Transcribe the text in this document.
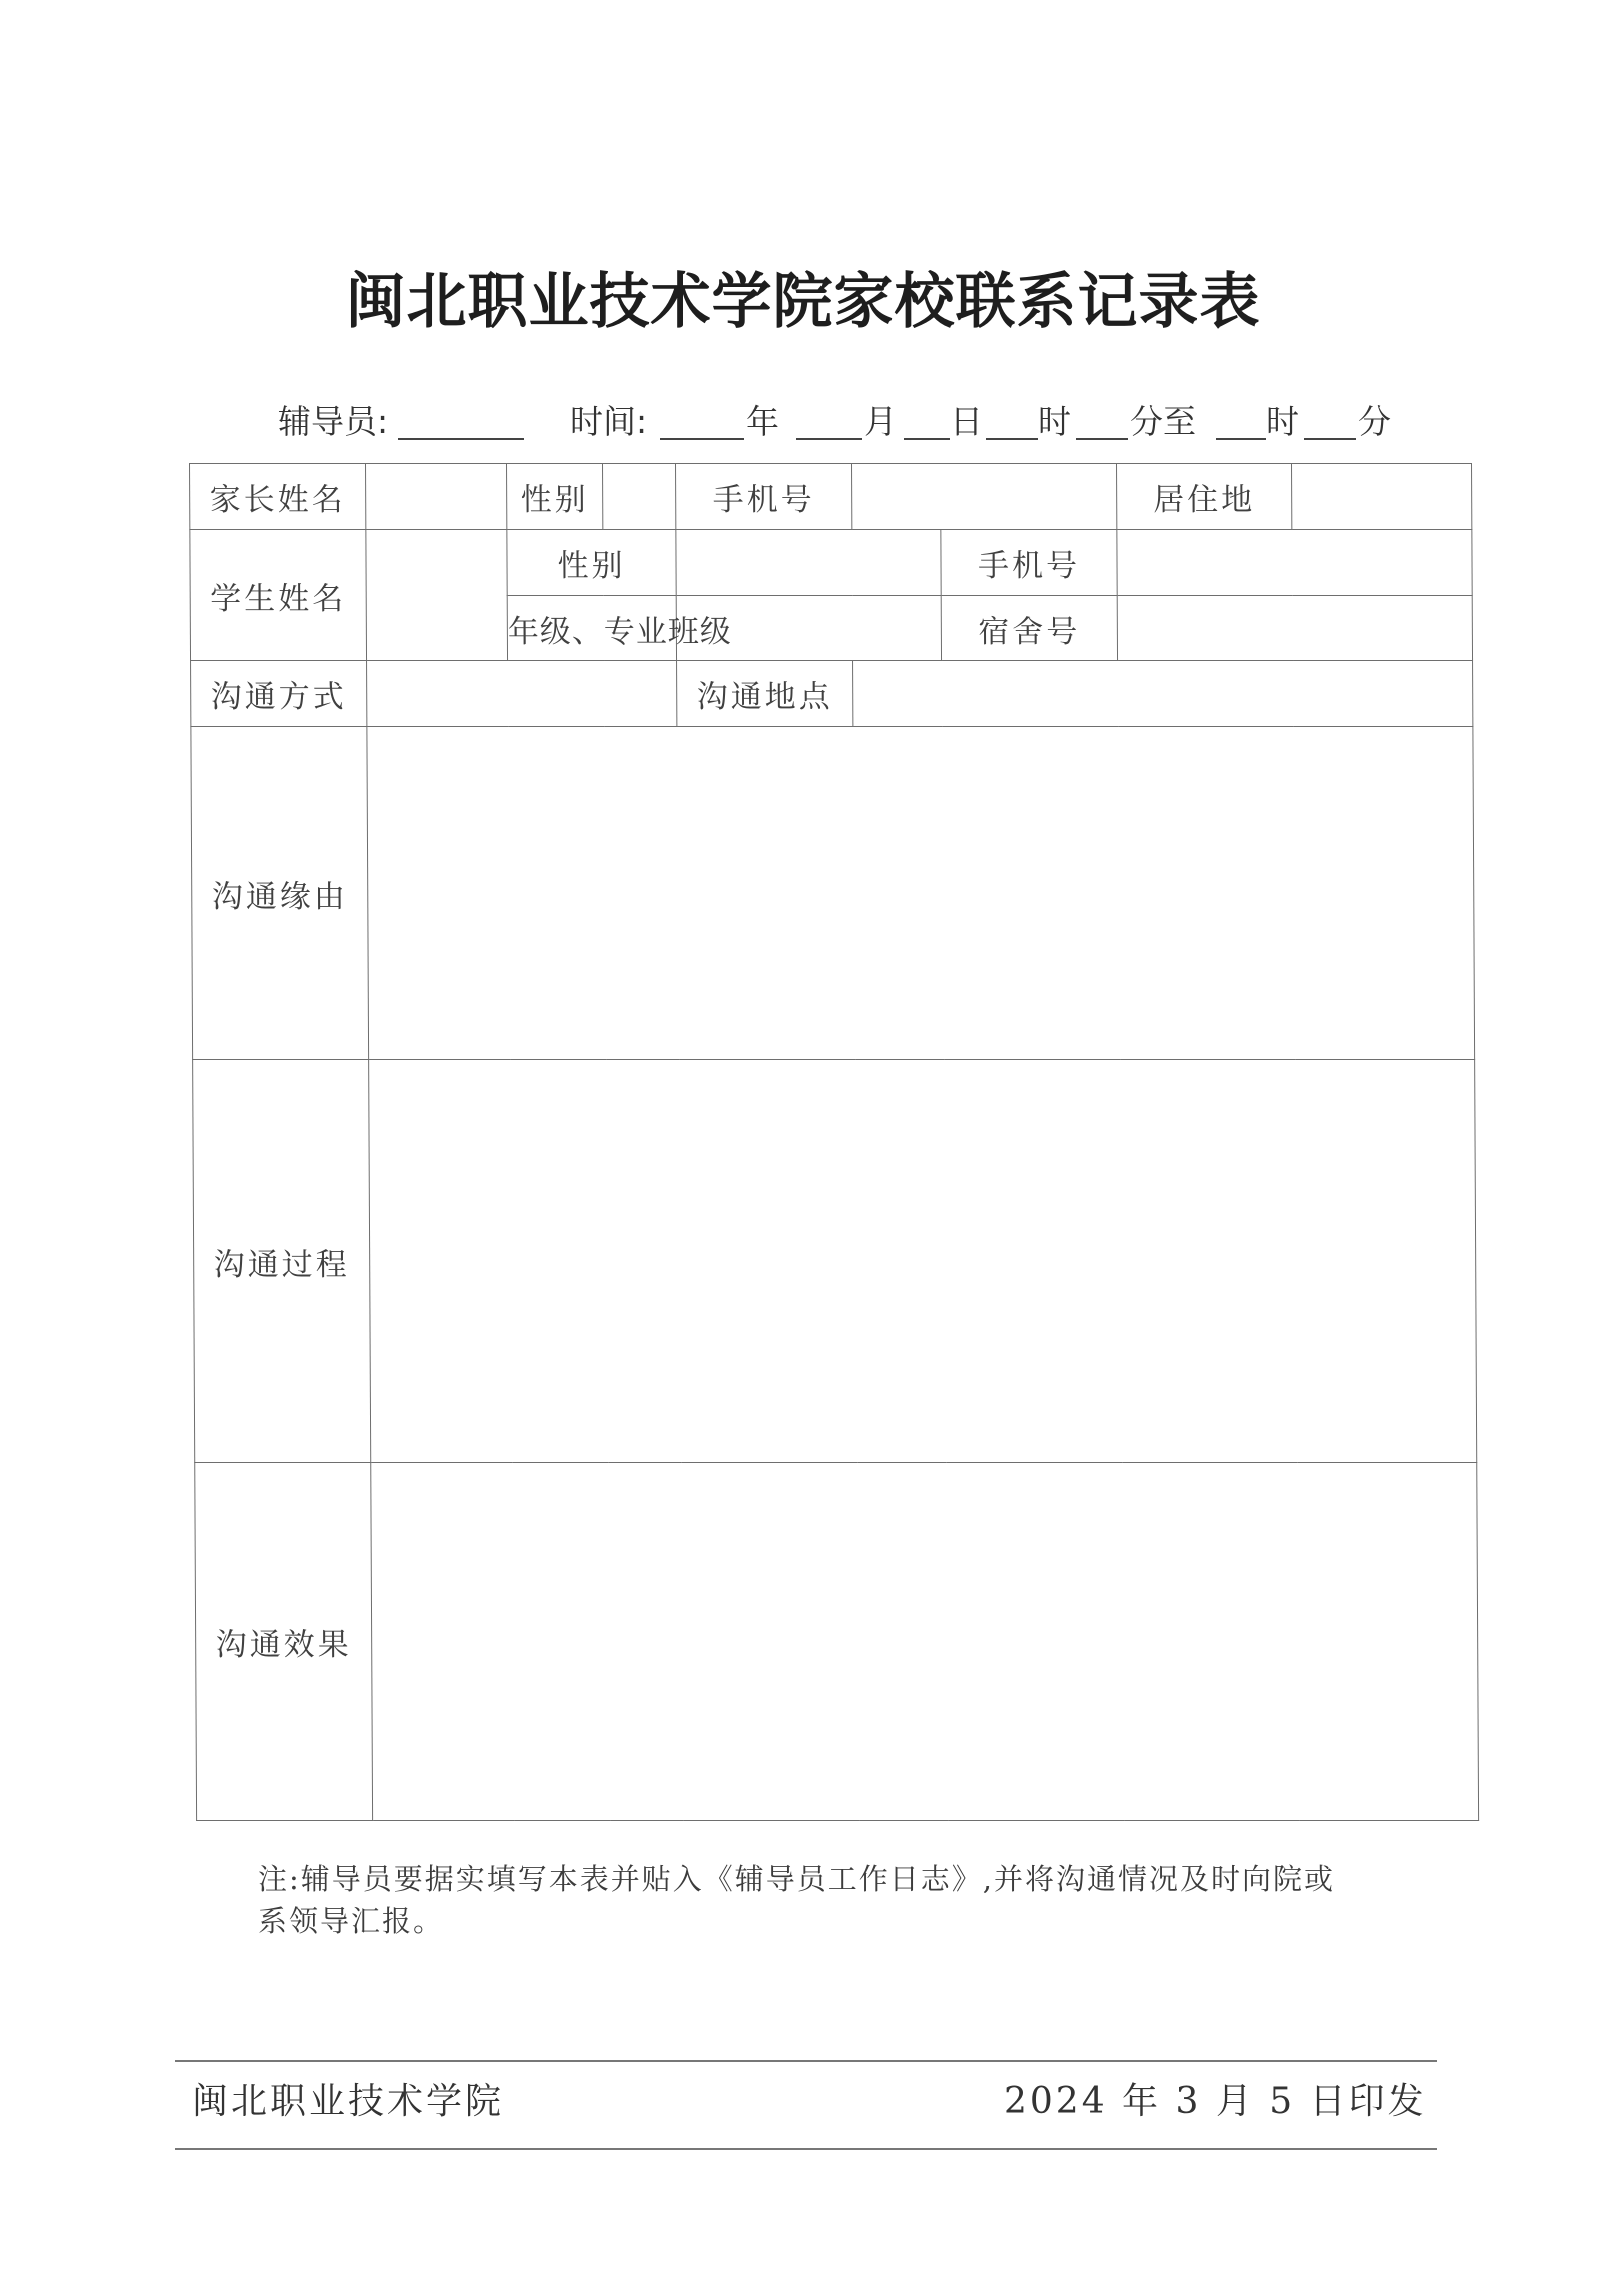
闽北职业技术学院家校联系记录表
辅导员:	时间:	年	月 日 时 分至 时 分
家长姓名		性别		手机号			居住地	
学生姓名		性别				手机号		
		年级、专业班级				宿舍号		
沟通方式				沟通地点				
沟通缘由								
沟通过程								
沟通效果								
注:辅导员要据实填写本表并贴入《辅导员工作日志》,并将沟通情况及时向院或
系领导汇报。
闽北职业技术学院	2024 年 3 月 5 日印发
